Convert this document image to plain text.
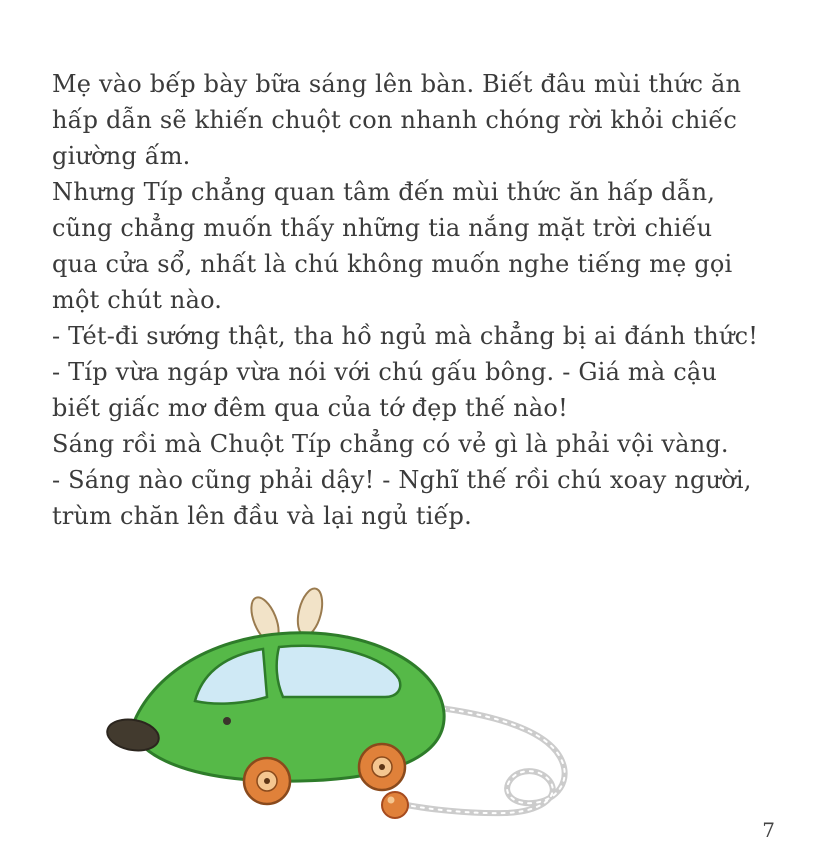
Mẹ vào bếp bày bữa sáng lên bàn. Biết đâu mùi thức ăn hấp dẫn sẽ khiến chuột con nhanh chóng rời khỏi chiếc giường ấm.

Nhưng Típ chẳng quan tâm đến mùi thức ăn hấp dẫn, cũng chẳng muốn thấy những tia nắng mặt trời chiếu qua cửa sổ, nhất là chú không muốn nghe tiếng mẹ gọi một chút nào.

- Tét-đi sướng thật, tha hồ ngủ mà chẳng bị ai đánh thức! - Típ vừa ngáp vừa nói với chú gấu bông. - Giá mà cậu biết giấc mơ đêm qua của tớ đẹp thế nào!

Sáng rồi mà Chuột Típ chẳng có vẻ gì là phải vội vàng.

- Sáng nào cũng phải dậy! - Nghĩ thế rồi chú xoay người, trùm chăn lên đầu và lại ngủ tiếp.

7
